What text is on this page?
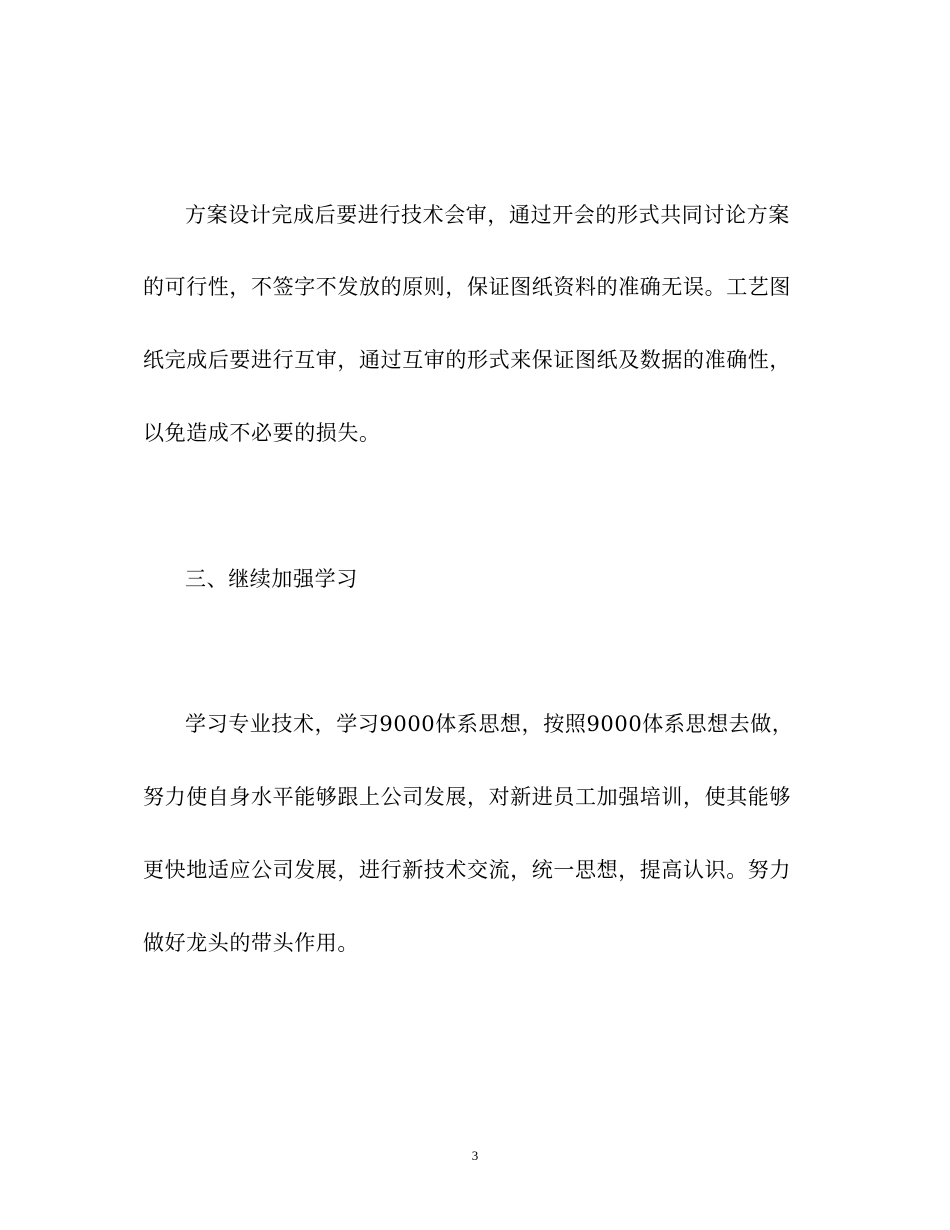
方案设计完成后要进行技术会审，通过开会的形式共同讨论方案
的可行性，不签字不发放的原则，保证图纸资料的准确无误。工艺图
纸完成后要进行互审，通过互审的形式来保证图纸及数据的准确性，
以免造成不必要的损失。
三、继续加强学习
学习专业技术，学习9000体系思想，按照9000体系思想去做，
努力使自身水平能够跟上公司发展，对新进员工加强培训，使其能够
更快地适应公司发展，进行新技术交流，统一思想，提高认识。努力
做好龙头的带头作用。
3
